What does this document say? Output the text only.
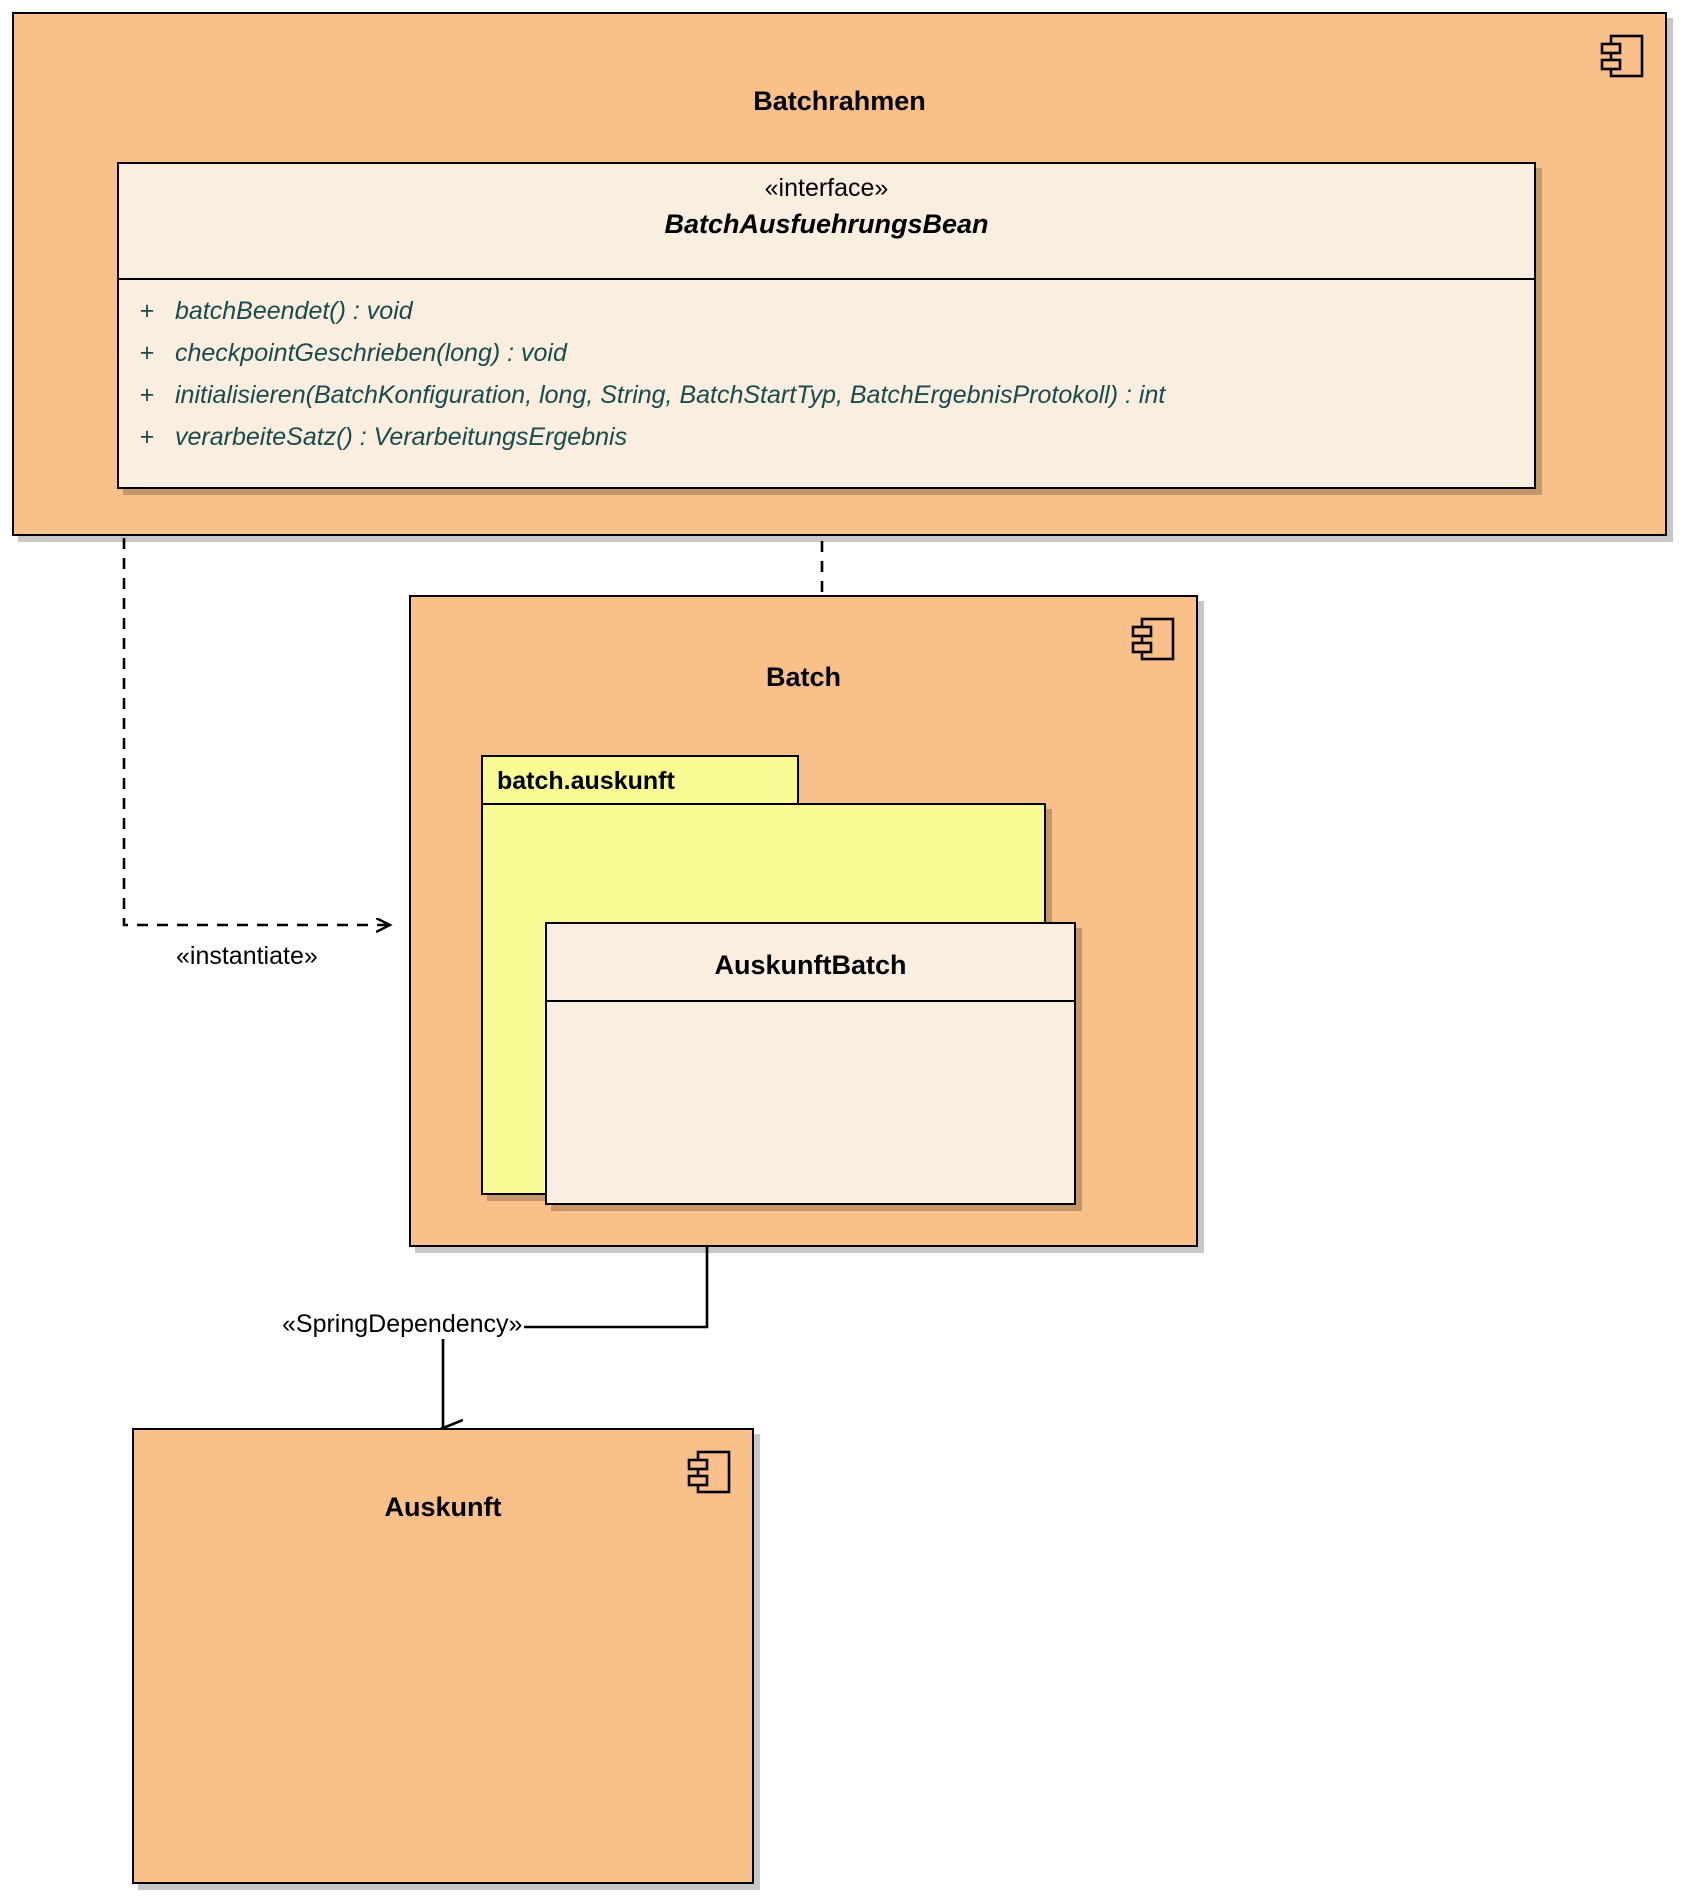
Batchrahmen
«interface»
BatchAusfuehrungsBean
+ batchBeendet() : void
+ checkpointGeschrieben(long) : void
+ initialisieren(BatchKonfiguration, long, String, BatchStartTyp, BatchErgebnisProtokoll) : int
+ verarbeiteSatz() : VerarbeitungsErgebnis
Batch
batch.auskunft
AuskunftBatch
Auskunft
«instantiate»
«SpringDependency»
